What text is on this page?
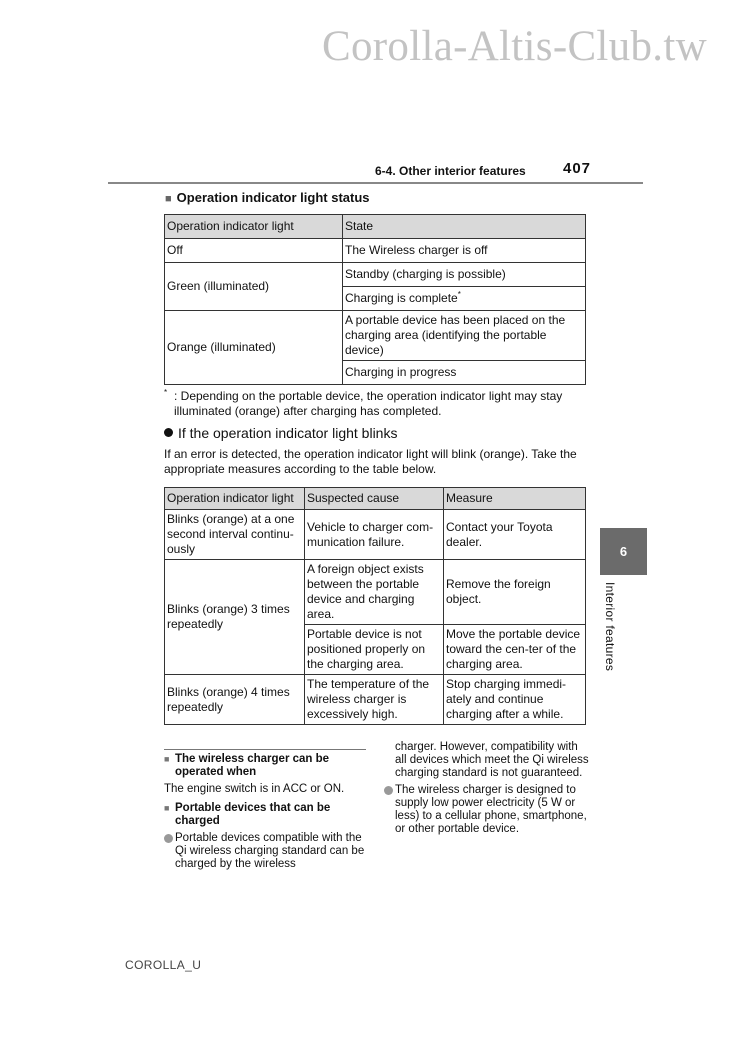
Corolla-Altis-Club.tw
6-4. Other interior features 407
■ Operation indicator light status
Operation indicator light	State
Off	The Wireless charger is off
Green (illuminated)	Standby (charging is possible)
	Charging is complete*
Orange (illuminated)	A portable device has been placed on the charging area (identifying the portable device)
	Charging in progress
* : Depending on the portable device, the operation indicator light may stay illuminated (orange) after charging has completed.
If the operation indicator light blinks
If an error is detected, the operation indicator light will blink (orange). Take the appropriate measures according to the table below.
Operation indicator light	Suspected cause	Measure
Blinks (orange) at a one second interval continu-ously	Vehicle to charger com-munication failure.	Contact your Toyota dealer.
Blinks (orange) 3 times repeatedly	A foreign object exists between the portable device and charging area.	Remove the foreign object.
	Portable device is not positioned properly on the charging area.	Move the portable device toward the cen-ter of the charging area.
Blinks (orange) 4 times repeatedly	The temperature of the wireless charger is excessively high.	Stop charging immedi-ately and continue charging after a while.
6
Interior features
■ The wireless charger can be operated when
The engine switch is in ACC or ON.
■ Portable devices that can be charged
Portable devices compatible with the Qi wireless charging standard can be charged by the wireless
charger. However, compatibility with all devices which meet the Qi wireless charging standard is not guaranteed.
The wireless charger is designed to supply low power electricity (5 W or less) to a cellular phone, smartphone, or other portable device.
COROLLA_U
